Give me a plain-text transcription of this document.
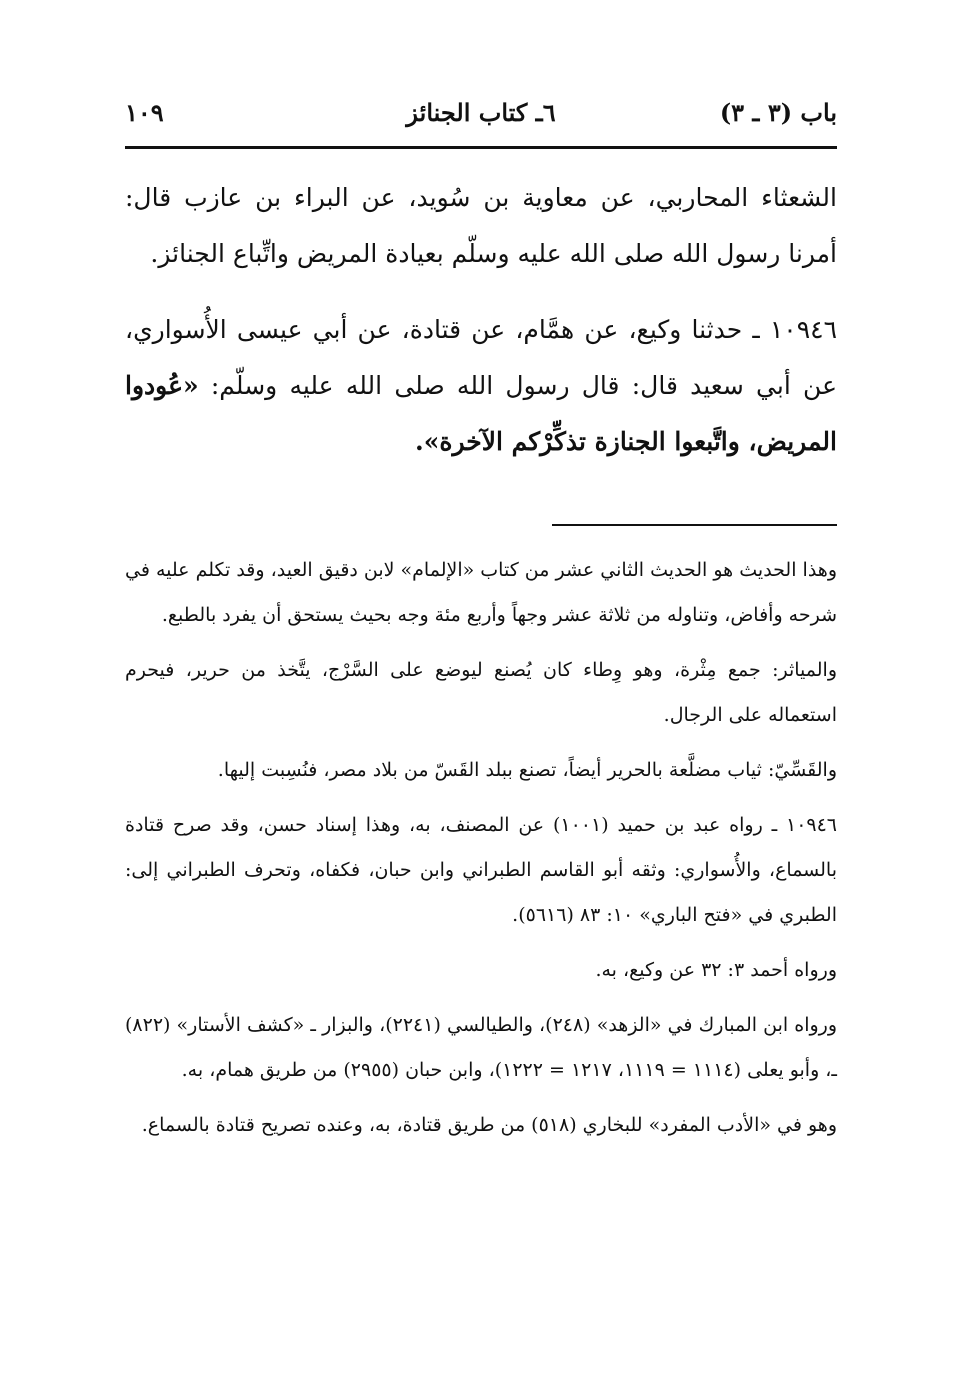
باب (٣ ـ ٣)
٦ـ كتاب الجنائز
١٠٩

الشعثاء المحاربي، عن معاوية بن سُويد، عن البراء بن عازب قال: أمرنا رسول الله صلى الله عليه وسلّم بعيادة المريض واتِّباع الجنائز.

١٠٩٤٦ ـ حدثنا وكيع، عن همَّام، عن قتادة، عن أبي عيسى الأُسواري، عن أبي سعيد قال: قال رسول الله صلى الله عليه وسلّم: «عُودوا المريض، واتَّبعوا الجنازة تذكِّرْكم الآخرة».

وهذا الحديث هو الحديث الثاني عشر من كتاب «الإلمام» لابن دقيق العيد، وقد تكلم عليه في شرحه وأفاض، وتناوله من ثلاثة عشر وجهاً وأربع مئة وجه بحيث يستحق أن يفرد بالطبع.

والمياثر: جمع مِثْرة، وهو وِطاء كان يُصنع ليوضع على السَّرْج، يتَّخذ من حرير، فيحرم استعماله على الرجال.

والقَسِّيّ: ثياب مضلَّعة بالحرير أيضاً، تصنع ببلد القَسّ من بلاد مصر، فنُسِبت إليها.

١٠٩٤٦ ـ رواه عبد بن حميد (١٠٠١) عن المصنف، به، وهذا إسناد حسن، وقد صرح قتادة بالسماع، والأُسواري: وثقه أبو القاسم الطبراني وابن حبان، فكفاه، وتحرف الطبراني إلى: الطبري في «فتح الباري» ١٠: ٨٣ (٥٦١٦).

ورواه أحمد ٣: ٣٢ عن وكيع، به.

ورواه ابن المبارك في «الزهد» (٢٤٨)، والطيالسي (٢٢٤١)، والبزار ـ «كشف الأستار» (٨٢٢) ـ، وأبو يعلى (١١١٤ = ١١١٩، ١٢١٧ = ١٢٢٢)، وابن حبان (٢٩٥٥) من طريق همام، به.

وهو في «الأدب المفرد» للبخاري (٥١٨) من طريق قتادة، به، وعنده تصريح قتادة بالسماع.
